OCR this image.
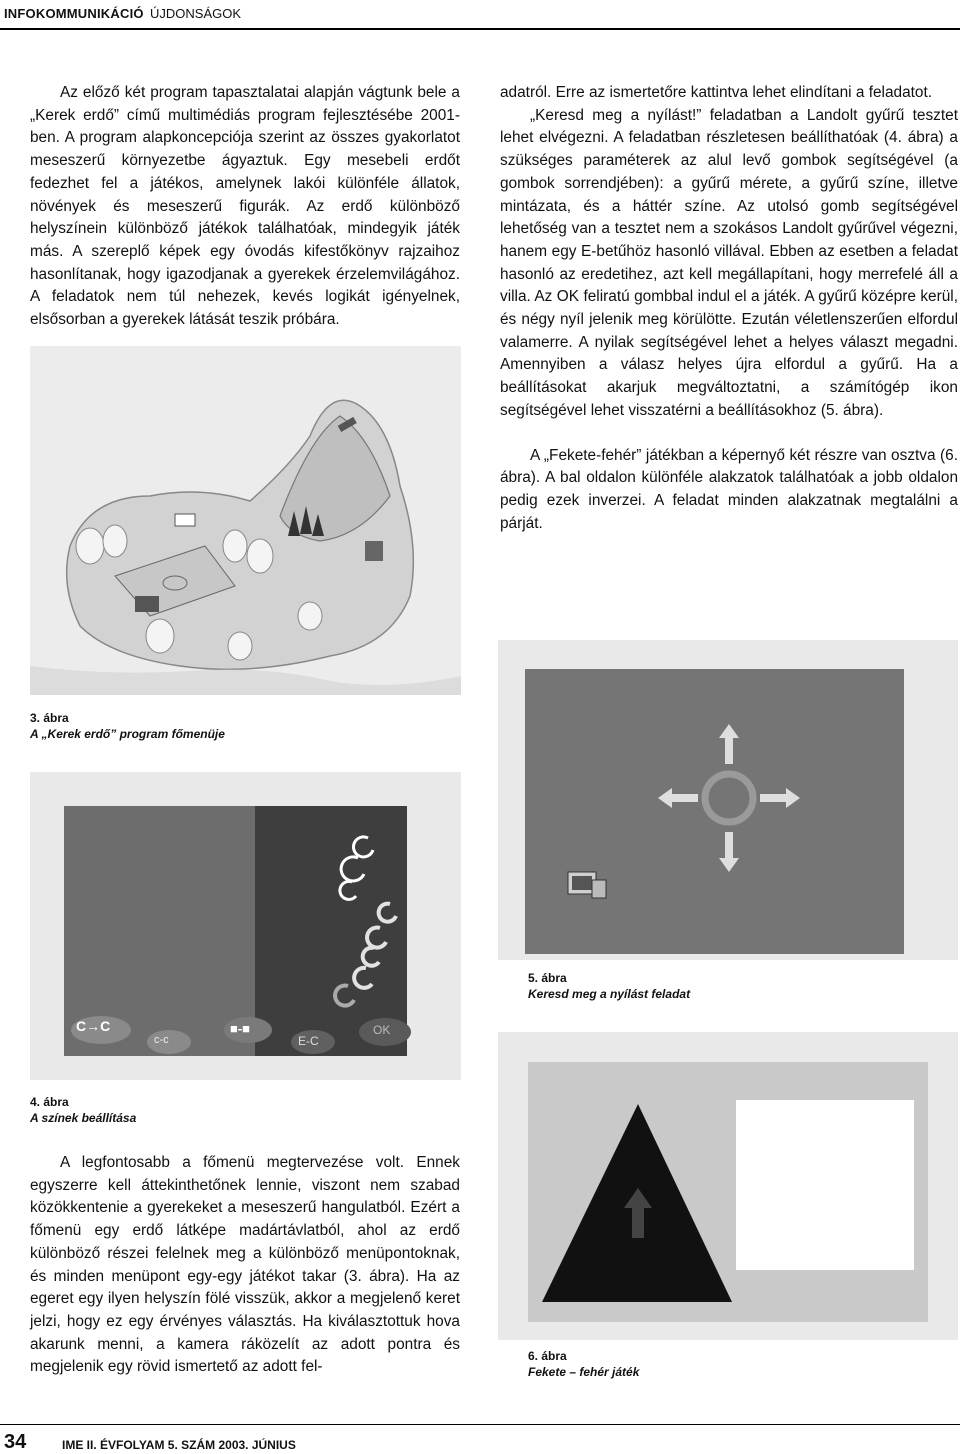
INFOKOMMUNIKÁCIÓ ÚJDONSÁGOK

Az előző két program tapasztalatai alapján vágtunk bele a „Kerek erdő” című multimédiás program fejlesztésébe 2001-ben. A program alapkoncepciója szerint az összes gyakorlatot meseszerű környezetbe ágyaztuk. Egy mesebeli erdőt fedezhet fel a játékos, amelynek lakói különféle állatok, növények és meseszerű figurák. Az erdő különböző helyszínein különböző játékok találhatóak, mindegyik játék más. A szereplő képek egy óvodás kifestőkönyv rajzaihoz hasonlítanak, hogy igazodjanak a gyerekek érzelemvilágához. A feladatok nem túl nehezek, kevés logikát igényelnek, elsősorban a gyerekek látását teszik próbára.

adatról. Erre az ismertetőre kattintva lehet elindítani a feladatot.

„Keresd meg a nyílást!” feladatban a Landolt gyűrű tesztet lehet elvégezni. A feladatban részletesen beállíthatóak (4. ábra) a szükséges paraméterek az alul levő gombok segítségével (a gombok sorrendjében): a gyűrű mérete, a gyűrű színe, illetve mintázata, és a háttér színe. Az utolsó gomb segítségével lehetőség van a tesztet nem a szokásos Landolt gyűrűvel végezni, hanem egy E-betűhöz hasonló villával. Ebben az esetben a feladat hasonló az eredetihez, azt kell megállapítani, hogy merrefelé áll a villa. Az OK feliratú gombbal indul el a játék. A gyűrű középre kerül, és négy nyíl jelenik meg körülötte. Ezután véletlenszerűen elfordul valamerre. A nyilak segítségével lehet a helyes választ megadni. Amennyiben a válasz helyes újra elfordul a gyűrű. Ha a beállításokat akarjuk megváltoztatni, a számítógép ikon segítségével lehet visszatérni a beállításokhoz (5. ábra).

A „Fekete-fehér” játékban a képernyő két részre van osztva (6. ábra). A bal oldalon különféle alakzatok találhatóak a jobb oldalon pedig ezek inverzei. A feladat minden alakzatnak megtalálni a párját.

3. ábra
A „Kerek erdő” program főmenüje
C→C
c-c
■-■
E-C
OK
4. ábra
A színek beállítása
5. ábra
Keresd meg a nyílást feladat
6. ábra
Fekete – fehér játék

A legfontosabb a főmenü megtervezése volt. Ennek egyszerre kell áttekinthetőnek lennie, viszont nem szabad közökkentenie a gyerekeket a meseszerű hangulatból. Ezért a főmenü egy erdő látképe madártávlatból, ahol az erdő különböző részei felelnek meg a különböző menüpontoknak, és minden menüpont egy-egy játékot takar (3. ábra). Ha az egeret egy ilyen helyszín fölé visszük, akkor a megjelenő keret jelzi, hogy ez egy érvényes választás. Ha kiválasztottuk hova akarunk menni, a kamera ráközelít az adott pontra és megjelenik egy rövid ismertető az adott fel-

34	IME II. ÉVFOLYAM 5. SZÁM 2003. JÚNIUS
